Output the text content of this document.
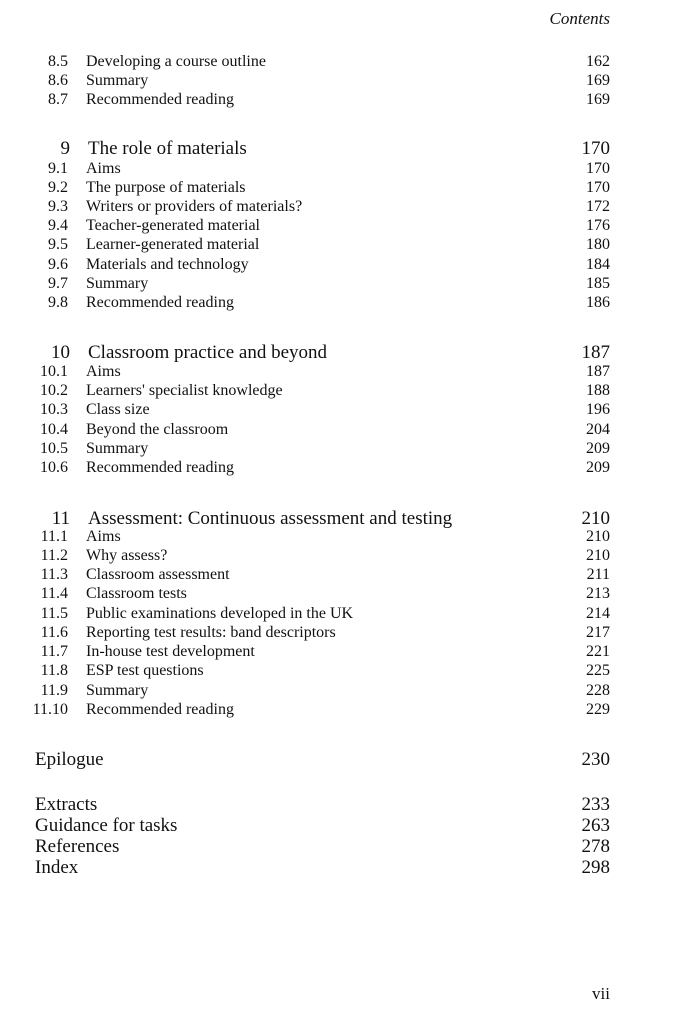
Contents
8.5 Developing a course outline	162
8.6 Summary	169
8.7 Recommended reading	169
9 The role of materials	170
9.1 Aims	170
9.2 The purpose of materials	170
9.3 Writers or providers of materials?	172
9.4 Teacher-generated material	176
9.5 Learner-generated material	180
9.6 Materials and technology	184
9.7 Summary	185
9.8 Recommended reading	186
10 Classroom practice and beyond	187
10.1 Aims	187
10.2 Learners' specialist knowledge	188
10.3 Class size	196
10.4 Beyond the classroom	204
10.5 Summary	209
10.6 Recommended reading	209
11 Assessment: Continuous assessment and testing	210
11.1 Aims	210
11.2 Why assess?	210
11.3 Classroom assessment	211
11.4 Classroom tests	213
11.5 Public examinations developed in the UK	214
11.6 Reporting test results: band descriptors	217
11.7 In-house test development	221
11.8 ESP test questions	225
11.9 Summary	228
11.10 Recommended reading	229
Epilogue	230
Extracts	233
Guidance for tasks	263
References	278
Index	298
vii
